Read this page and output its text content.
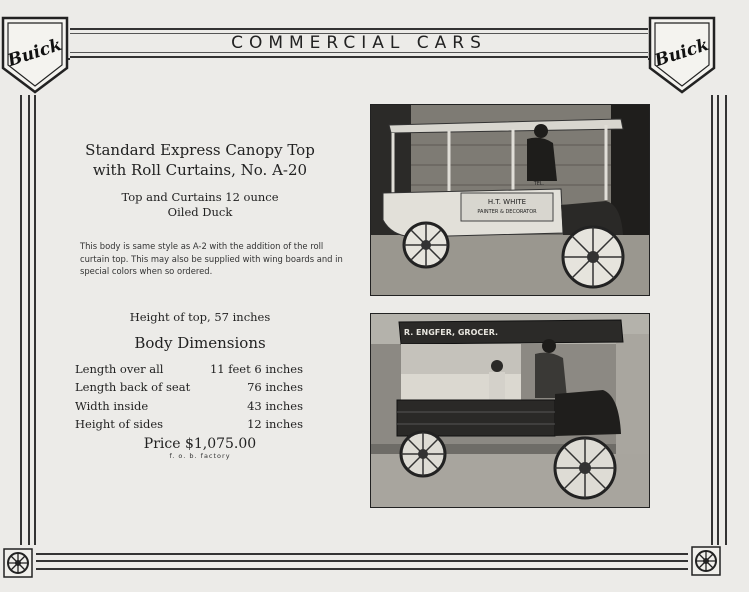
COMMERCIAL CARS
Buick	Buick
Standard Express Canopy Top
with Roll Curtains, No. A-20
Top and Curtains 12 ounce
Oiled Duck
This body is same style as A-2 with the addition of the roll curtain top. This may also be supplied with wing boards and in special colors when so ordered.
Height of top, 57 inches
Body Dimensions
Length over all	11 feet 6 inches
Length back of seat	76 inches
Width inside	43 inches
Height of sides	12 inches
Price $1,075.00
f. o. b. factory
H.T. WHITE
PAINTER & DECORATOR
TEL.
R. ENGFER, GROCER.
